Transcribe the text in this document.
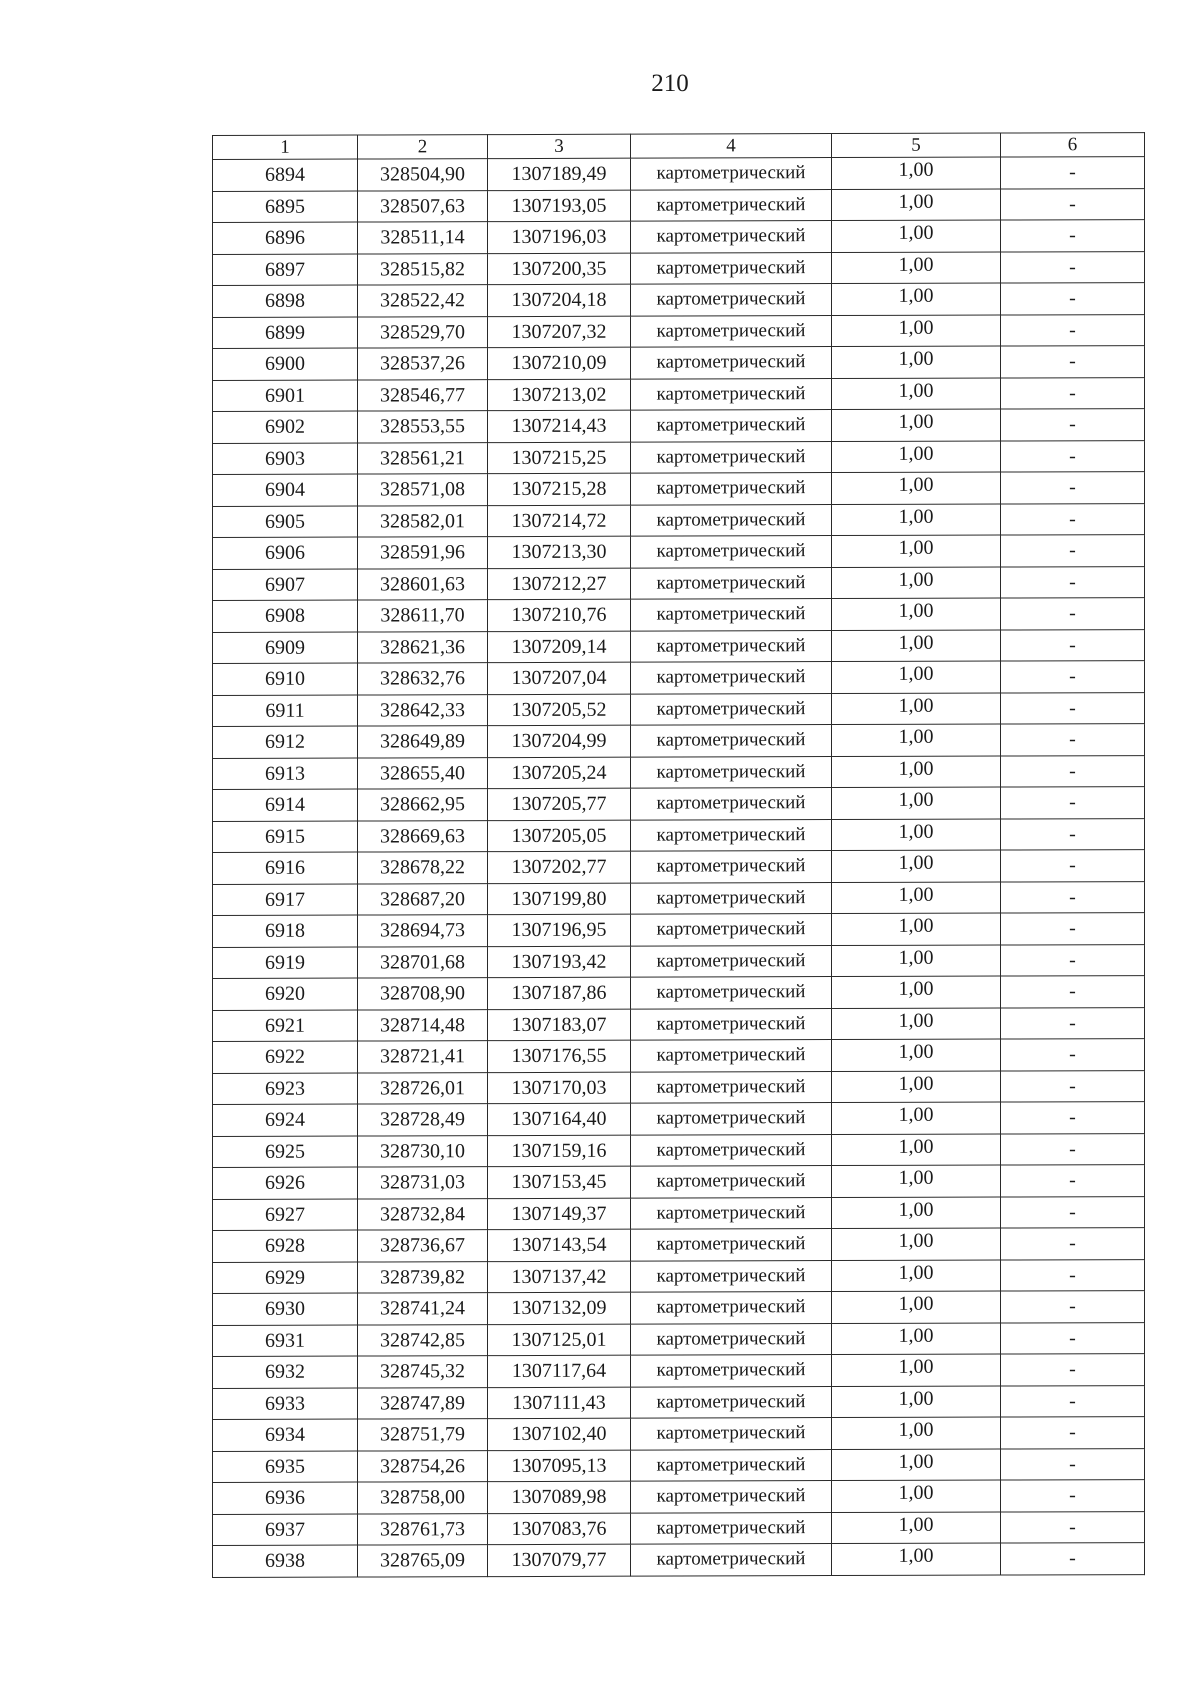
210
1	2	3	4	5	6
6894	328504,90	1307189,49	картометрический	1,00	-
6895	328507,63	1307193,05	картометрический	1,00	-
6896	328511,14	1307196,03	картометрический	1,00	-
6897	328515,82	1307200,35	картометрический	1,00	-
6898	328522,42	1307204,18	картометрический	1,00	-
6899	328529,70	1307207,32	картометрический	1,00	-
6900	328537,26	1307210,09	картометрический	1,00	-
6901	328546,77	1307213,02	картометрический	1,00	-
6902	328553,55	1307214,43	картометрический	1,00	-
6903	328561,21	1307215,25	картометрический	1,00	-
6904	328571,08	1307215,28	картометрический	1,00	-
6905	328582,01	1307214,72	картометрический	1,00	-
6906	328591,96	1307213,30	картометрический	1,00	-
6907	328601,63	1307212,27	картометрический	1,00	-
6908	328611,70	1307210,76	картометрический	1,00	-
6909	328621,36	1307209,14	картометрический	1,00	-
6910	328632,76	1307207,04	картометрический	1,00	-
6911	328642,33	1307205,52	картометрический	1,00	-
6912	328649,89	1307204,99	картометрический	1,00	-
6913	328655,40	1307205,24	картометрический	1,00	-
6914	328662,95	1307205,77	картометрический	1,00	-
6915	328669,63	1307205,05	картометрический	1,00	-
6916	328678,22	1307202,77	картометрический	1,00	-
6917	328687,20	1307199,80	картометрический	1,00	-
6918	328694,73	1307196,95	картометрический	1,00	-
6919	328701,68	1307193,42	картометрический	1,00	-
6920	328708,90	1307187,86	картометрический	1,00	-
6921	328714,48	1307183,07	картометрический	1,00	-
6922	328721,41	1307176,55	картометрический	1,00	-
6923	328726,01	1307170,03	картометрический	1,00	-
6924	328728,49	1307164,40	картометрический	1,00	-
6925	328730,10	1307159,16	картометрический	1,00	-
6926	328731,03	1307153,45	картометрический	1,00	-
6927	328732,84	1307149,37	картометрический	1,00	-
6928	328736,67	1307143,54	картометрический	1,00	-
6929	328739,82	1307137,42	картометрический	1,00	-
6930	328741,24	1307132,09	картометрический	1,00	-
6931	328742,85	1307125,01	картометрический	1,00	-
6932	328745,32	1307117,64	картометрический	1,00	-
6933	328747,89	1307111,43	картометрический	1,00	-
6934	328751,79	1307102,40	картометрический	1,00	-
6935	328754,26	1307095,13	картометрический	1,00	-
6936	328758,00	1307089,98	картометрический	1,00	-
6937	328761,73	1307083,76	картометрический	1,00	-
6938	328765,09	1307079,77	картометрический	1,00	-
